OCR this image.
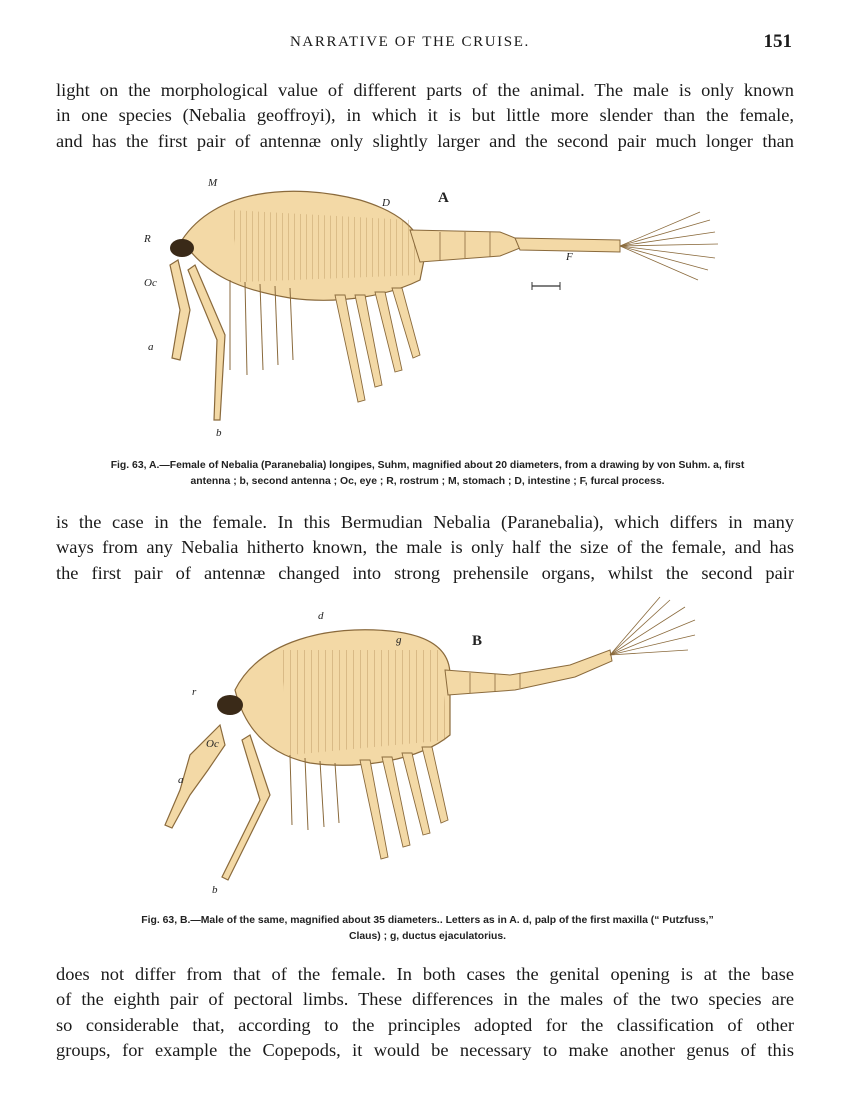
NARRATIVE OF THE CRUISE.	151
light on the morphological value of different parts of the animal. The male is only known
in one species (Nebalia geoffroyi), in which it is but little more slender than the female,
and has the first pair of antennæ only slightly larger and the second pair much longer than
A
M
D
R
Oc
a
b
F
Fig. 63, A.—Female of Nebalia (Paranebalia) longipes, Suhm, magnified about 20 diameters, from a drawing by von Suhm. a, first
antenna ; b, second antenna ; Oc, eye ; R, rostrum ; M, stomach ; D, intestine ; F, furcal process.
is the case in the female. In this Bermudian Nebalia (Paranebalia), which differs in many
ways from any Nebalia hitherto known, the male is only half the size of the female, and has
the first pair of antennæ changed into strong prehensile organs, whilst the second pair
B
d
g
r
Oc
a
b
Fig. 63, B.—Male of the same, magnified about 35 diameters.. Letters as in A. d, palp of the first maxilla (“ Putzfuss,”
Claus) ; g, ductus ejaculatorius.
does not differ from that of the female. In both cases the genital opening is at the base
of the eighth pair of pectoral limbs. These differences in the males of the two species are
so considerable that, according to the principles adopted for the classification of other
groups, for example the Copepods, it would be necessary to make another genus of this
